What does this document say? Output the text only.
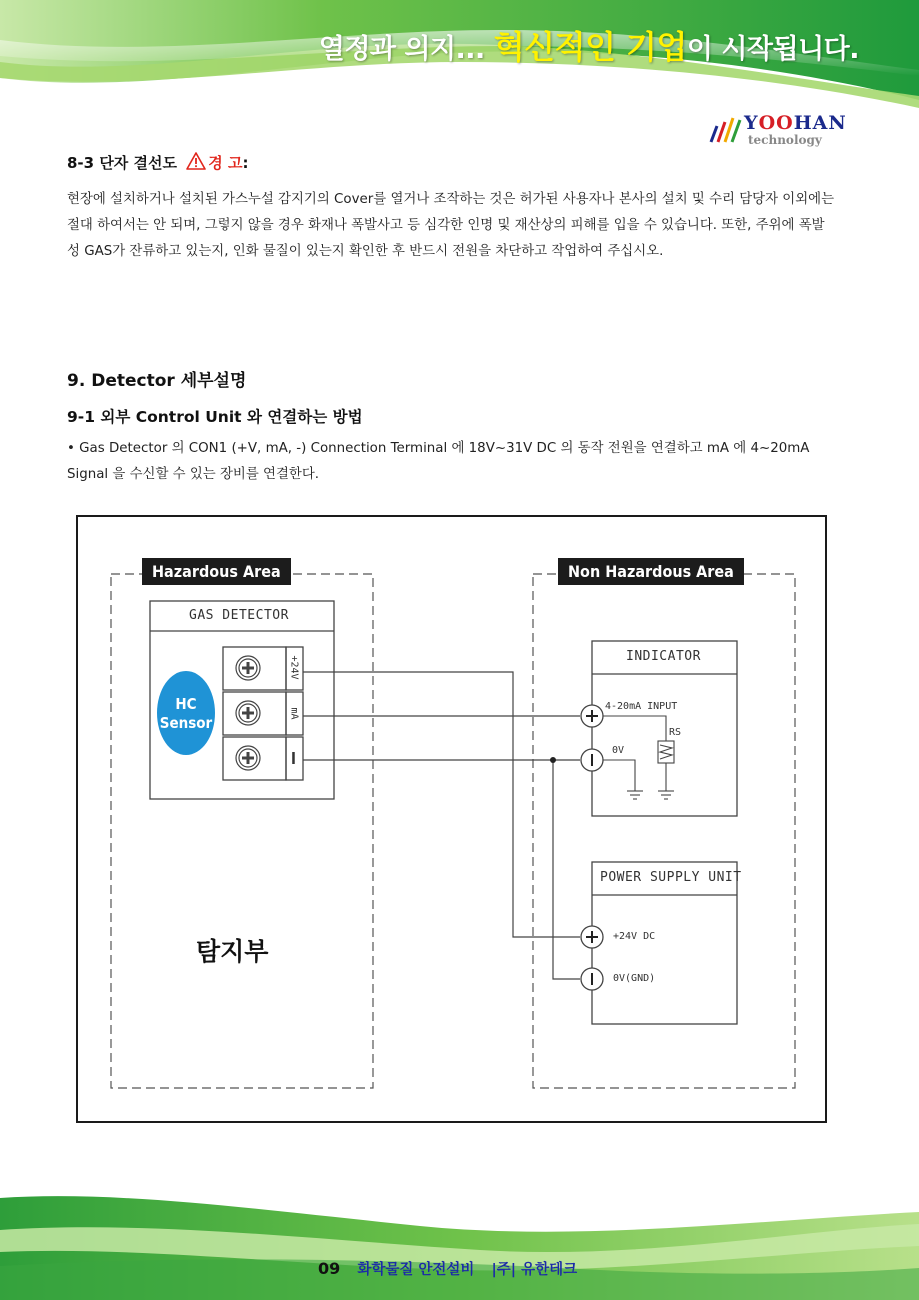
열정과 의지... 혁신적인 기업이 시작됩니다.
YOOHAN
technology
8-3 단자 결선도 경 고:

현장에 설치하거나 설치된 가스누설 감지기의 Cover를 열거나 조작하는 것은 허가된 사용자나 본사의 설치 및 수리 담당자 이외에는 절대 하여서는 안 되며, 그렇지 않을 경우 화재나 폭발사고 등 심각한 인명 및 재산상의 피해를 입을 수 있습니다. 또한, 주위에 폭발성 GAS가 잔류하고 있는지, 인화 물질이 있는지 확인한 후 반드시 전원을 차단하고 작업하여 주십시오.

9. Detector 세부설명
9-1 외부 Control Unit 와 연결하는 방법

• Gas Detector 의 CON1 (+V, mA, -) Connection Terminal 에 18V~31V DC 의 동작 전원을 연결하고 mA 에 4~20mA Signal 을 수신할 수 있는 장비를 연결한다.

Hazardous Area	Non Hazardous Area
GAS DETECTOR
HC
Sensor
+24V
mA
l
탐지부
INDICATOR
4-20mA INPUT
RS
0V
POWER SUPPLY UNIT
+24V DC
0V(GND)
09 화학물질 안전설비 |주| 유한테크
